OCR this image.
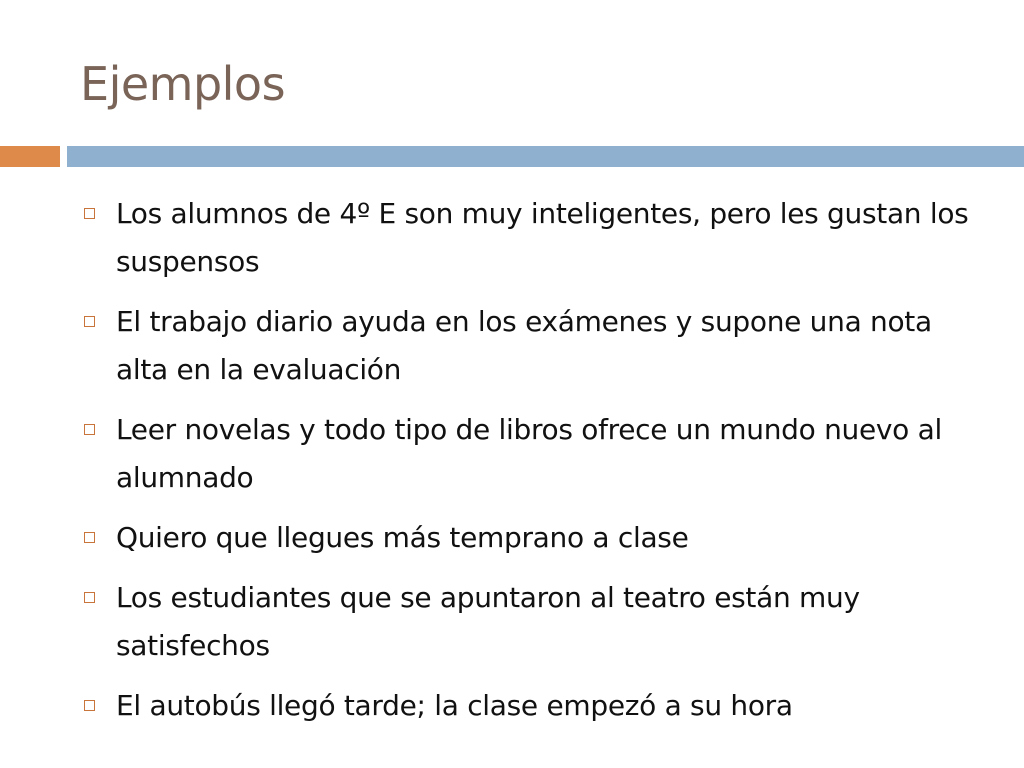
Ejemplos
Los alumnos de 4º E son muy inteligentes, pero les gustan los suspensos
El trabajo diario ayuda en los exámenes y supone una nota alta en la evaluación
Leer novelas y todo tipo de libros ofrece un mundo nuevo al alumnado
Quiero que llegues más temprano a clase
Los estudiantes que se apuntaron al teatro están muy satisfechos
El autobús llegó tarde; la clase empezó a su hora
